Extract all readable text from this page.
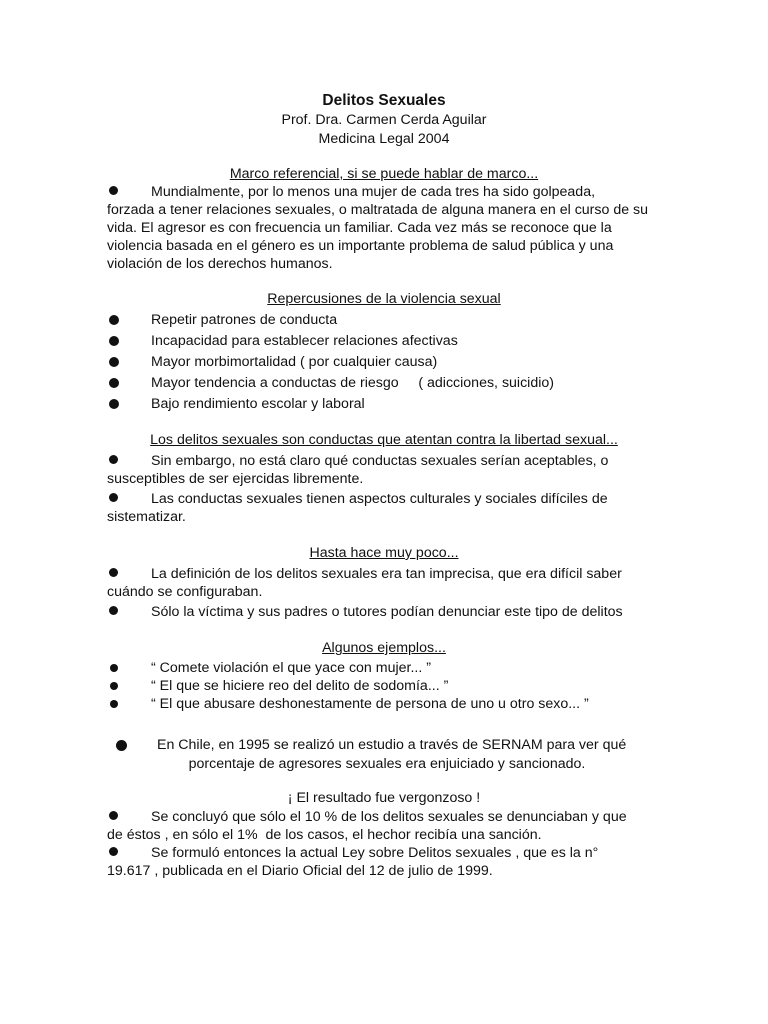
Delitos Sexuales
Prof. Dra. Carmen Cerda Aguilar
Medicina Legal 2004
Marco referencial, si se puede hablar de marco...
Mundialmente, por lo menos una mujer de cada tres ha sido golpeada,
forzada a tener relaciones sexuales, o maltratada de alguna manera en el curso de su vida. El agresor es con frecuencia un familiar. Cada vez más se reconoce que la violencia basada en el género es un importante problema de salud pública y una violación de los derechos humanos.
Repercusiones de la violencia sexual
Repetir patrones de conducta
Incapacidad para establecer relaciones afectivas
Mayor morbimortalidad ( por cualquier causa)
Mayor tendencia a conductas de riesgo     ( adicciones, suicidio)
Bajo rendimiento escolar y laboral
Los delitos sexuales son conductas que atentan contra la libertad sexual...
Sin embargo, no está claro qué conductas sexuales serían aceptables, o
susceptibles de ser ejercidas libremente.
Las conductas sexuales tienen aspectos culturales y sociales difíciles de
sistematizar.
Hasta hace muy poco...
La definición de los delitos sexuales era tan imprecisa, que era difícil saber
cuándo se configuraban.
Sólo la víctima y sus padres o tutores podían denunciar este tipo de delitos
Algunos ejemplos...
“ Comete violación el que yace con mujer... ”
“ El que se hiciere reo del delito de sodomía... ”
“ El que abusare deshonestamente de persona de uno u otro sexo... ”
En Chile, en 1995 se realizó un estudio a través de SERNAM para ver qué
porcentaje de agresores sexuales era enjuiciado y sancionado.
¡ El resultado fue vergonzoso !
Se concluyó que sólo el 10 % de los delitos sexuales se denunciaban y que
de éstos , en sólo el 1%  de los casos, el hechor recibía una sanción.
Se formuló entonces la actual Ley sobre Delitos sexuales , que es la n°
19.617 , publicada en el Diario Oficial del 12 de julio de 1999.
